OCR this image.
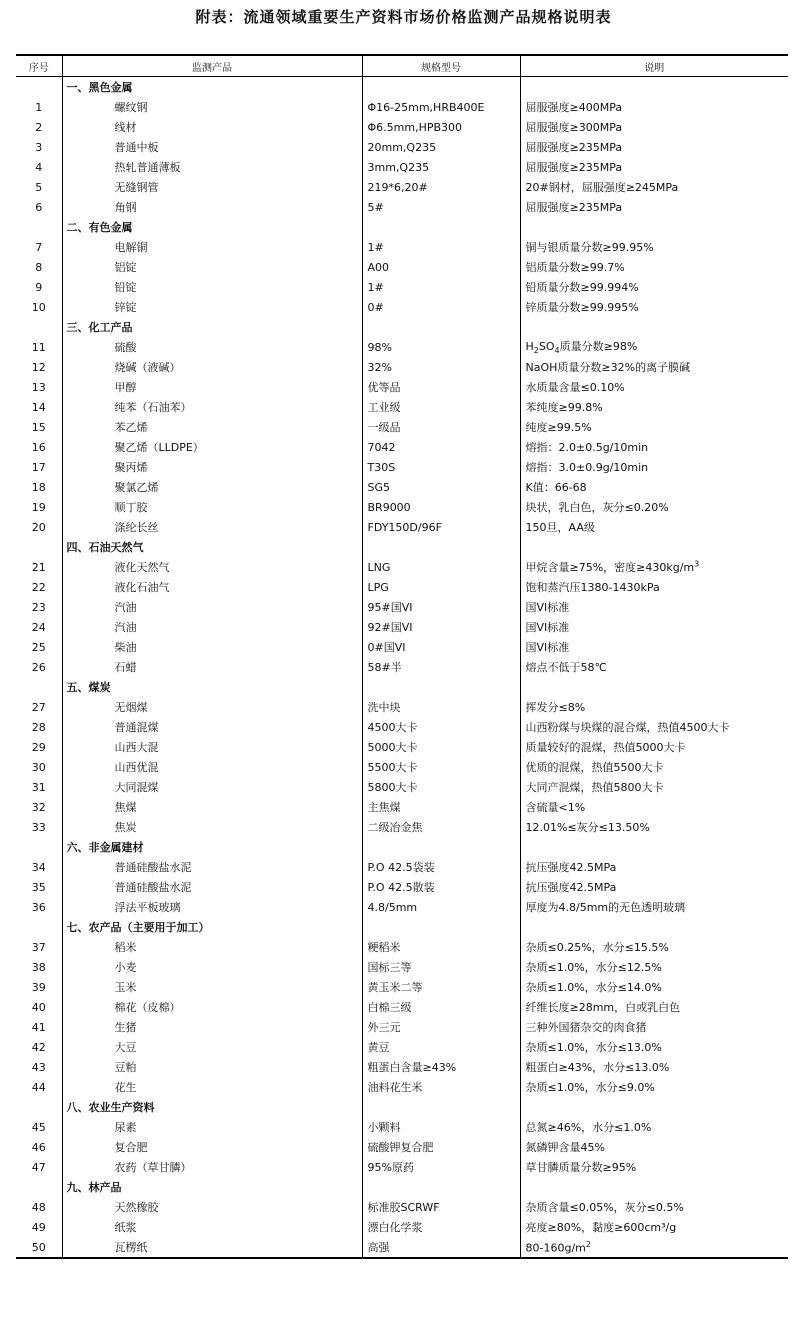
附表：流通领域重要生产资料市场价格监测产品规格说明表
序号	监测产品	规格型号	说明
	一、黑色金属		
1	螺纹钢	Φ16-25mm,HRB400E	屈服强度≥400MPa
2	线材	Φ6.5mm,HPB300	屈服强度≥300MPa
3	普通中板	20mm,Q235	屈服强度≥235MPa
4	热轧普通薄板	3mm,Q235	屈服强度≥235MPa
5	无缝钢管	219*6,20#	20#钢材，屈服强度≥245MPa
6	角钢	5#	屈服强度≥235MPa
	二、有色金属		
7	电解铜	1#	铜与银质量分数≥99.95%
8	铝锭	A00	铝质量分数≥99.7%
9	铅锭	1#	铅质量分数≥99.994%
10	锌锭	0#	锌质量分数≥99.995%
	三、化工产品		
11	硫酸	98%	$H_2SO_4$质量分数≥98%
12	烧碱（液碱）	32%	NaOH质量分数≥32%的离子膜碱
13	甲醇	优等品	水质量含量≤0.10%
14	纯苯（石油苯）	工业级	苯纯度≥99.8%
15	苯乙烯	一级品	纯度≥99.5%
16	聚乙烯（LLDPE）	7042	熔指：2.0±0.5g/10min
17	聚丙烯	T30S	熔指：3.0±0.9g/10min
18	聚氯乙烯	SG5	K值：66-68
19	顺丁胶	BR9000	块状，乳白色，灰分≤0.20%
20	涤纶长丝	FDY150D/96F	150旦，AA级
	四、石油天然气		
21	液化天然气	LNG	甲烷含量≥75%，密度$\ge 430kg/m^3$
22	液化石油气	LPG	饱和蒸汽压1380-1430kPa
23	汽油	95#国VI	国VI标准
24	汽油	92#国VI	国VI标准
25	柴油	0#国VI	国VI标准
26	石蜡	58#半	熔点不低于58℃
	五、煤炭		
27	无烟煤	洗中块	挥发分≤8%
28	普通混煤	4500大卡	山西粉煤与块煤的混合煤，热值4500大卡
29	山西大混	5000大卡	质量较好的混煤，热值5000大卡
30	山西优混	5500大卡	优质的混煤，热值5500大卡
31	大同混煤	5800大卡	大同产混煤，热值5800大卡
32	焦煤	主焦煤	含硫量<1%
33	焦炭	二级冶金焦	12.01%≤灰分≤13.50%
	六、非金属建材		
34	普通硅酸盐水泥	P.O 42.5袋装	抗压强度42.5MPa
35	普通硅酸盐水泥	P.O 42.5散装	抗压强度42.5MPa
36	浮法平板玻璃	4.8/5mm	厚度为4.8/5mm的无色透明玻璃
	七、农产品（主要用于加工）		
37	稻米	粳稻米	杂质≤0.25%，水分≤15.5%
38	小麦	国标三等	杂质≤1.0%，水分≤12.5%
39	玉米	黄玉米二等	杂质≤1.0%，水分≤14.0%
40	棉花（皮棉）	白棉三级	纤维长度≥28mm，白或乳白色
41	生猪	外三元	三种外国猪杂交的肉食猪
42	大豆	黄豆	杂质≤1.0%，水分≤13.0%
43	豆粕	粗蛋白含量≥43%	粗蛋白≥43%，水分≤13.0%
44	花生	油料花生米	杂质≤1.0%，水分≤9.0%
	八、农业生产资料		
45	尿素	小颗料	总氮≥46%，水分≤1.0%
46	复合肥	硫酸钾复合肥	氮磷钾含量45%
47	农药（草甘膦）	95%原药	草甘膦质量分数≥95%
	九、林产品		
48	天然橡胶	标准胶SCRWF	杂质含量≤0.05%，灰分≤0.5%
49	纸浆	漂白化学浆	亮度≥80%，黏度≥600cm³/g
50	瓦楞纸	高强	$80-160g/m^2$
